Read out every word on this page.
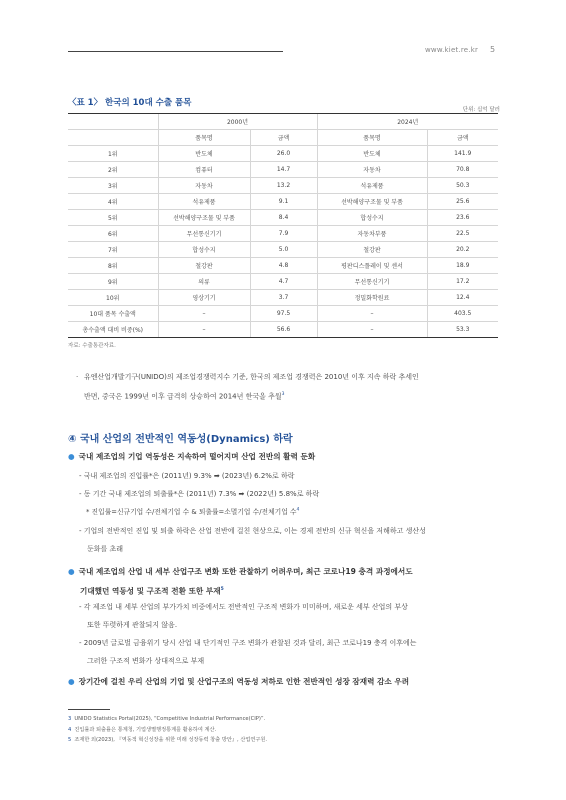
www.kiet.re.kr 5
〈표 1〉 한국의 10대 수출 품목
단위: 십억 달러
	2000년		2024년	
	품목명	금액	품목명	금액
1위	반도체	26.0	반도체	141.9
2위	컴퓨터	14.7	자동차	70.8
3위	자동차	13.2	석유제품	50.3
4위	석유제품	9.1	선박해양구조물 및 부품	25.6
5위	선박해양구조물 및 부품	8.4	합성수지	23.6
6위	무선통신기기	7.9	자동차부품	22.5
7위	합성수지	5.0	철강판	20.2
8위	철강판	4.8	평판디스플레이 및 센서	18.9
9위	의류	4.7	무선통신기기	17.2
10위	영상기기	3.7	정밀화학원료	12.4
10대 품목 수출액	–	97.5	–	403.5
총수출액 대비 비중(%)	–	56.6	–	53.3
자료: 수출통관자료.
· 유엔산업개발기구(UNIDO)의 제조업경쟁력지수 기준, 한국의 제조업 경쟁력은 2010년 이후 지속 하락 추세인
반면, 중국은 1999년 이후 급격히 상승하여 2014년 한국을 추월$^3$
④ 국내 산업의 전반적인 역동성(Dynamics) 하락
● 국내 제조업의 기업 역동성은 지속하여 떨어지며 산업 전반의 활력 둔화
- 국내 제조업의 진입률*은 (2011년) 9.3% ➡ (2023년) 6.2%로 하락
- 동 기간 국내 제조업의 퇴출률*은 (2011년) 7.3% ➡ (2022년) 5.8%로 하락
* 진입률=신규기업 수/전체기업 수 & 퇴출률=소멸기업 수/전체기업 수$^4$
- 기업의 전반적인 진입 및 퇴출 하락은 산업 전반에 걸친 현상으로, 이는 경제 전반의 신규 혁신을 저해하고 생산성
둔화를 초래
● 국내 제조업의 산업 내 세부 산업구조 변화 또한 관찰하기 어려우며, 최근 코로나19 충격 과정에서도
기대했던 역동성 및 구조적 전환 또한 부재$^5$
- 각 제조업 내 세부 산업의 부가가치 비중에서도 전반적인 구조적 변화가 미미하며, 새로운 세부 산업의 부상
또한 뚜렷하게 관찰되지 않음.
- 2009년 글로벌 금융위기 당시 산업 내 단기적인 구조 변화가 관찰된 것과 달리, 최근 코로나19 충격 이후에는
그러한 구조적 변화가 상대적으로 부재
● 장기간에 걸친 우리 산업의 기업 및 산업구조의 역동성 저하로 인한 전반적인 성장 잠재력 감소 우려
3 UNIDO Statistics Portal(2025), “Competitive Industrial Performance(CIP)”.
4 진입률과 퇴출률은 통계청, 기업생멸행정통계를 활용하여 계산.
5 조재한 외(2023), 『역동적 혁신성장을 위한 미래 성장동력 창출 방안』, 산업연구원.
